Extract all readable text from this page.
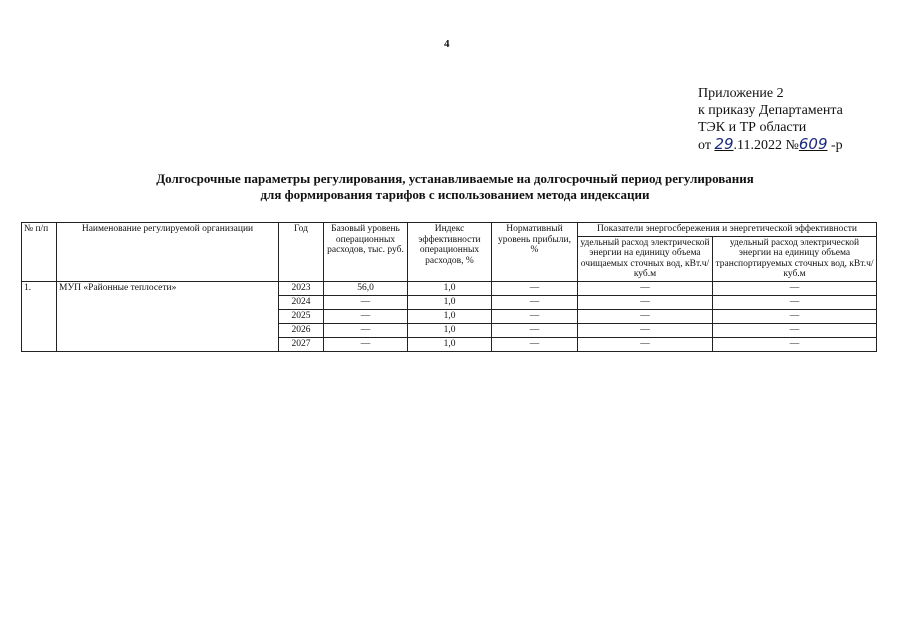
4
Приложение 2
к приказу Департамента
ТЭК и ТР области
от 29.11.2022 №609 -р
Долгосрочные параметры регулирования, устанавливаемые на долгосрочный период регулирования
для формирования тарифов с использованием метода индексации
№ п/п	Наименование регулируемой организации	Год	Базовый уровень операционных расходов, тыс. руб.	Индекс эффективности операционных расходов, %	Нормативный уровень прибыли, %	Показатели энергосбережения и энергетической эффективности	
						удельный расход электрической энергии на единицу объема очищаемых сточных вод, кВт.ч/куб.м	удельный расход электрической энергии на единицу объема транспортируемых сточных вод, кВт.ч/куб.м
1.	МУП «Районные теплосети»	2023	56,0	1,0	—	—	—
		2024	—	1,0	—	—	—
		2025	—	1,0	—	—	—
		2026	—	1,0	—	—	—
		2027	—	1,0	—	—	—
